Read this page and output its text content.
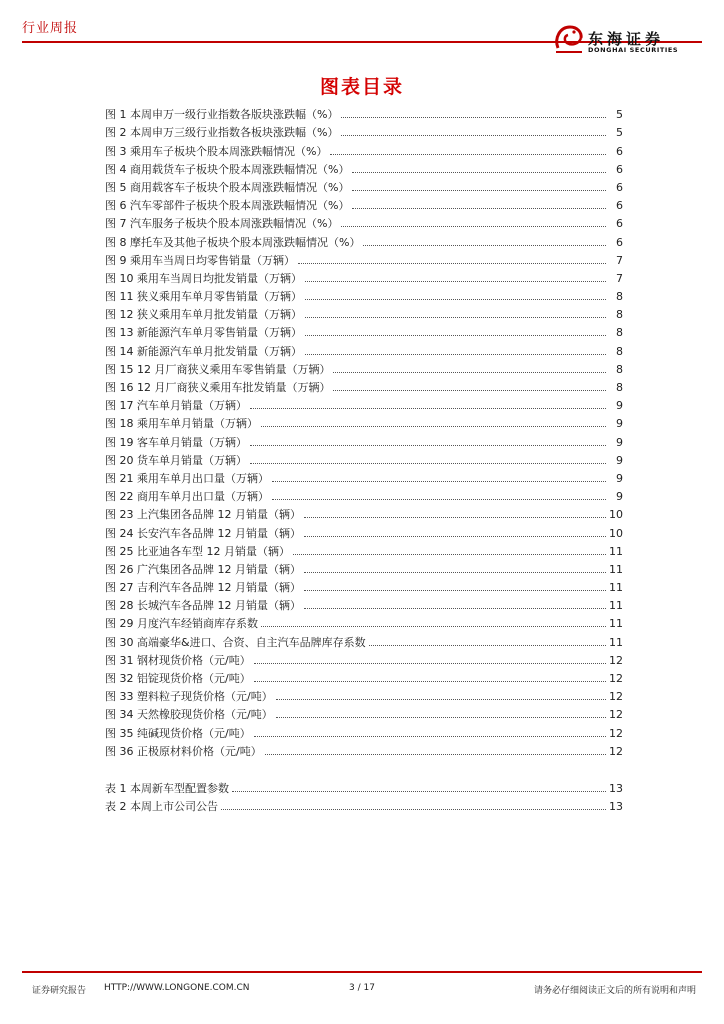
行业周报
东海证券
DONGHAI SECURITIES
图表目录
图 1 本周申万一级行业指数各版块涨跌幅（%）	5
图 2 本周申万三级行业指数各板块涨跌幅（%）	5
图 3 乘用车子板块个股本周涨跌幅情况（%）	6
图 4 商用载货车子板块个股本周涨跌幅情况（%）	6
图 5 商用载客车子板块个股本周涨跌幅情况（%）	6
图 6 汽车零部件子板块个股本周涨跌幅情况（%）	6
图 7 汽车服务子板块个股本周涨跌幅情况（%）	6
图 8 摩托车及其他子板块个股本周涨跌幅情况（%）	6
图 9 乘用车当周日均零售销量（万辆）	7
图 10 乘用车当周日均批发销量（万辆）	7
图 11 狭义乘用车单月零售销量（万辆）	8
图 12 狭义乘用车单月批发销量（万辆）	8
图 13 新能源汽车单月零售销量（万辆）	8
图 14 新能源汽车单月批发销量（万辆）	8
图 15 12 月厂商狭义乘用车零售销量（万辆）	8
图 16 12 月厂商狭义乘用车批发销量（万辆）	8
图 17 汽车单月销量（万辆）	9
图 18 乘用车单月销量（万辆）	9
图 19 客车单月销量（万辆）	9
图 20 货车单月销量（万辆）	9
图 21 乘用车单月出口量（万辆）	9
图 22 商用车单月出口量（万辆）	9
图 23 上汽集团各品牌 12 月销量（辆）	10
图 24 长安汽车各品牌 12 月销量（辆）	10
图 25 比亚迪各车型 12 月销量（辆）	11
图 26 广汽集团各品牌 12 月销量（辆）	11
图 27 吉利汽车各品牌 12 月销量（辆）	11
图 28 长城汽车各品牌 12 月销量（辆）	11
图 29 月度汽车经销商库存系数	11
图 30 高端豪华&进口、合资、自主汽车品牌库存系数	11
图 31 钢材现货价格（元/吨）	12
图 32 铝锭现货价格（元/吨）	12
图 33 塑料粒子现货价格（元/吨）	12
图 34 天然橡胶现货价格（元/吨）	12
图 35 纯碱现货价格（元/吨）	12
图 36 正极原材料价格（元/吨）	12
表 1 本周新车型配置参数	13
表 2 本周上市公司公告	13
证券研究报告 HTTP://WWW.LONGONE.COM.CN	3 / 17	请务必仔细阅读正文后的所有说明和声明
